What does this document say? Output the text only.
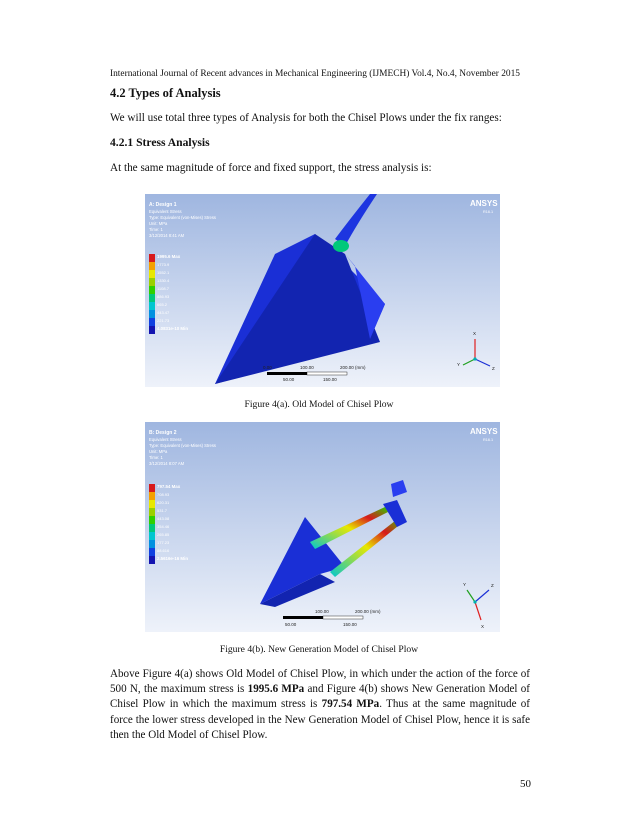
International Journal of Recent advances in Mechanical Engineering (IJMECH) Vol.4, No.4, November 2015
4.2 Types of Analysis
We will use total three types of Analysis for both the Chisel Plows under the fix ranges:
4.2.1 Stress Analysis
At the same magnitude of force and fixed support, the stress analysis is:
A: Design 1
Equivalent Stress
Type: Equivalent (von-Mises) Stress
Unit: MPa
Time: 1
3/12/2014 8:41 AM
1995.6 Max
1773.9
1552.1
1330.4
1108.7
886.93
665.2
443.47
221.73
4.0831e-10 Min
ANSYS
R16.1
0.00	100.00	200.00 (mm)
50.00	150.00
X
Y
Z
Figure 4(a). Old Model of Chisel Plow
B: Design 2
Equivalent Stress
Type: Equivalent (von-Mises) Stress
Unit: MPa
Time: 1
3/12/2014 8:07 AM
797.54 Max
708.93
620.31
531.7
443.08
354.46
265.85
177.23
88.616
2.5616e-16 Min
ANSYS
R16.1
100.00	200.00 (mm)
50.00	150.00
Y	Z
X
Figure 4(b). New Generation Model of Chisel Plow
Above Figure 4(a) shows Old Model of Chisel Plow, in which under the action of the force of 500 N, the maximum stress is 1995.6 MPa and Figure 4(b) shows New Generation Model of Chisel Plow in which the maximum stress is 797.54 MPa. Thus at the same magnitude of force the lower stress developed in the New Generation Model of Chisel Plow, hence it is safe then the Old Model of Chisel Plow.
50
